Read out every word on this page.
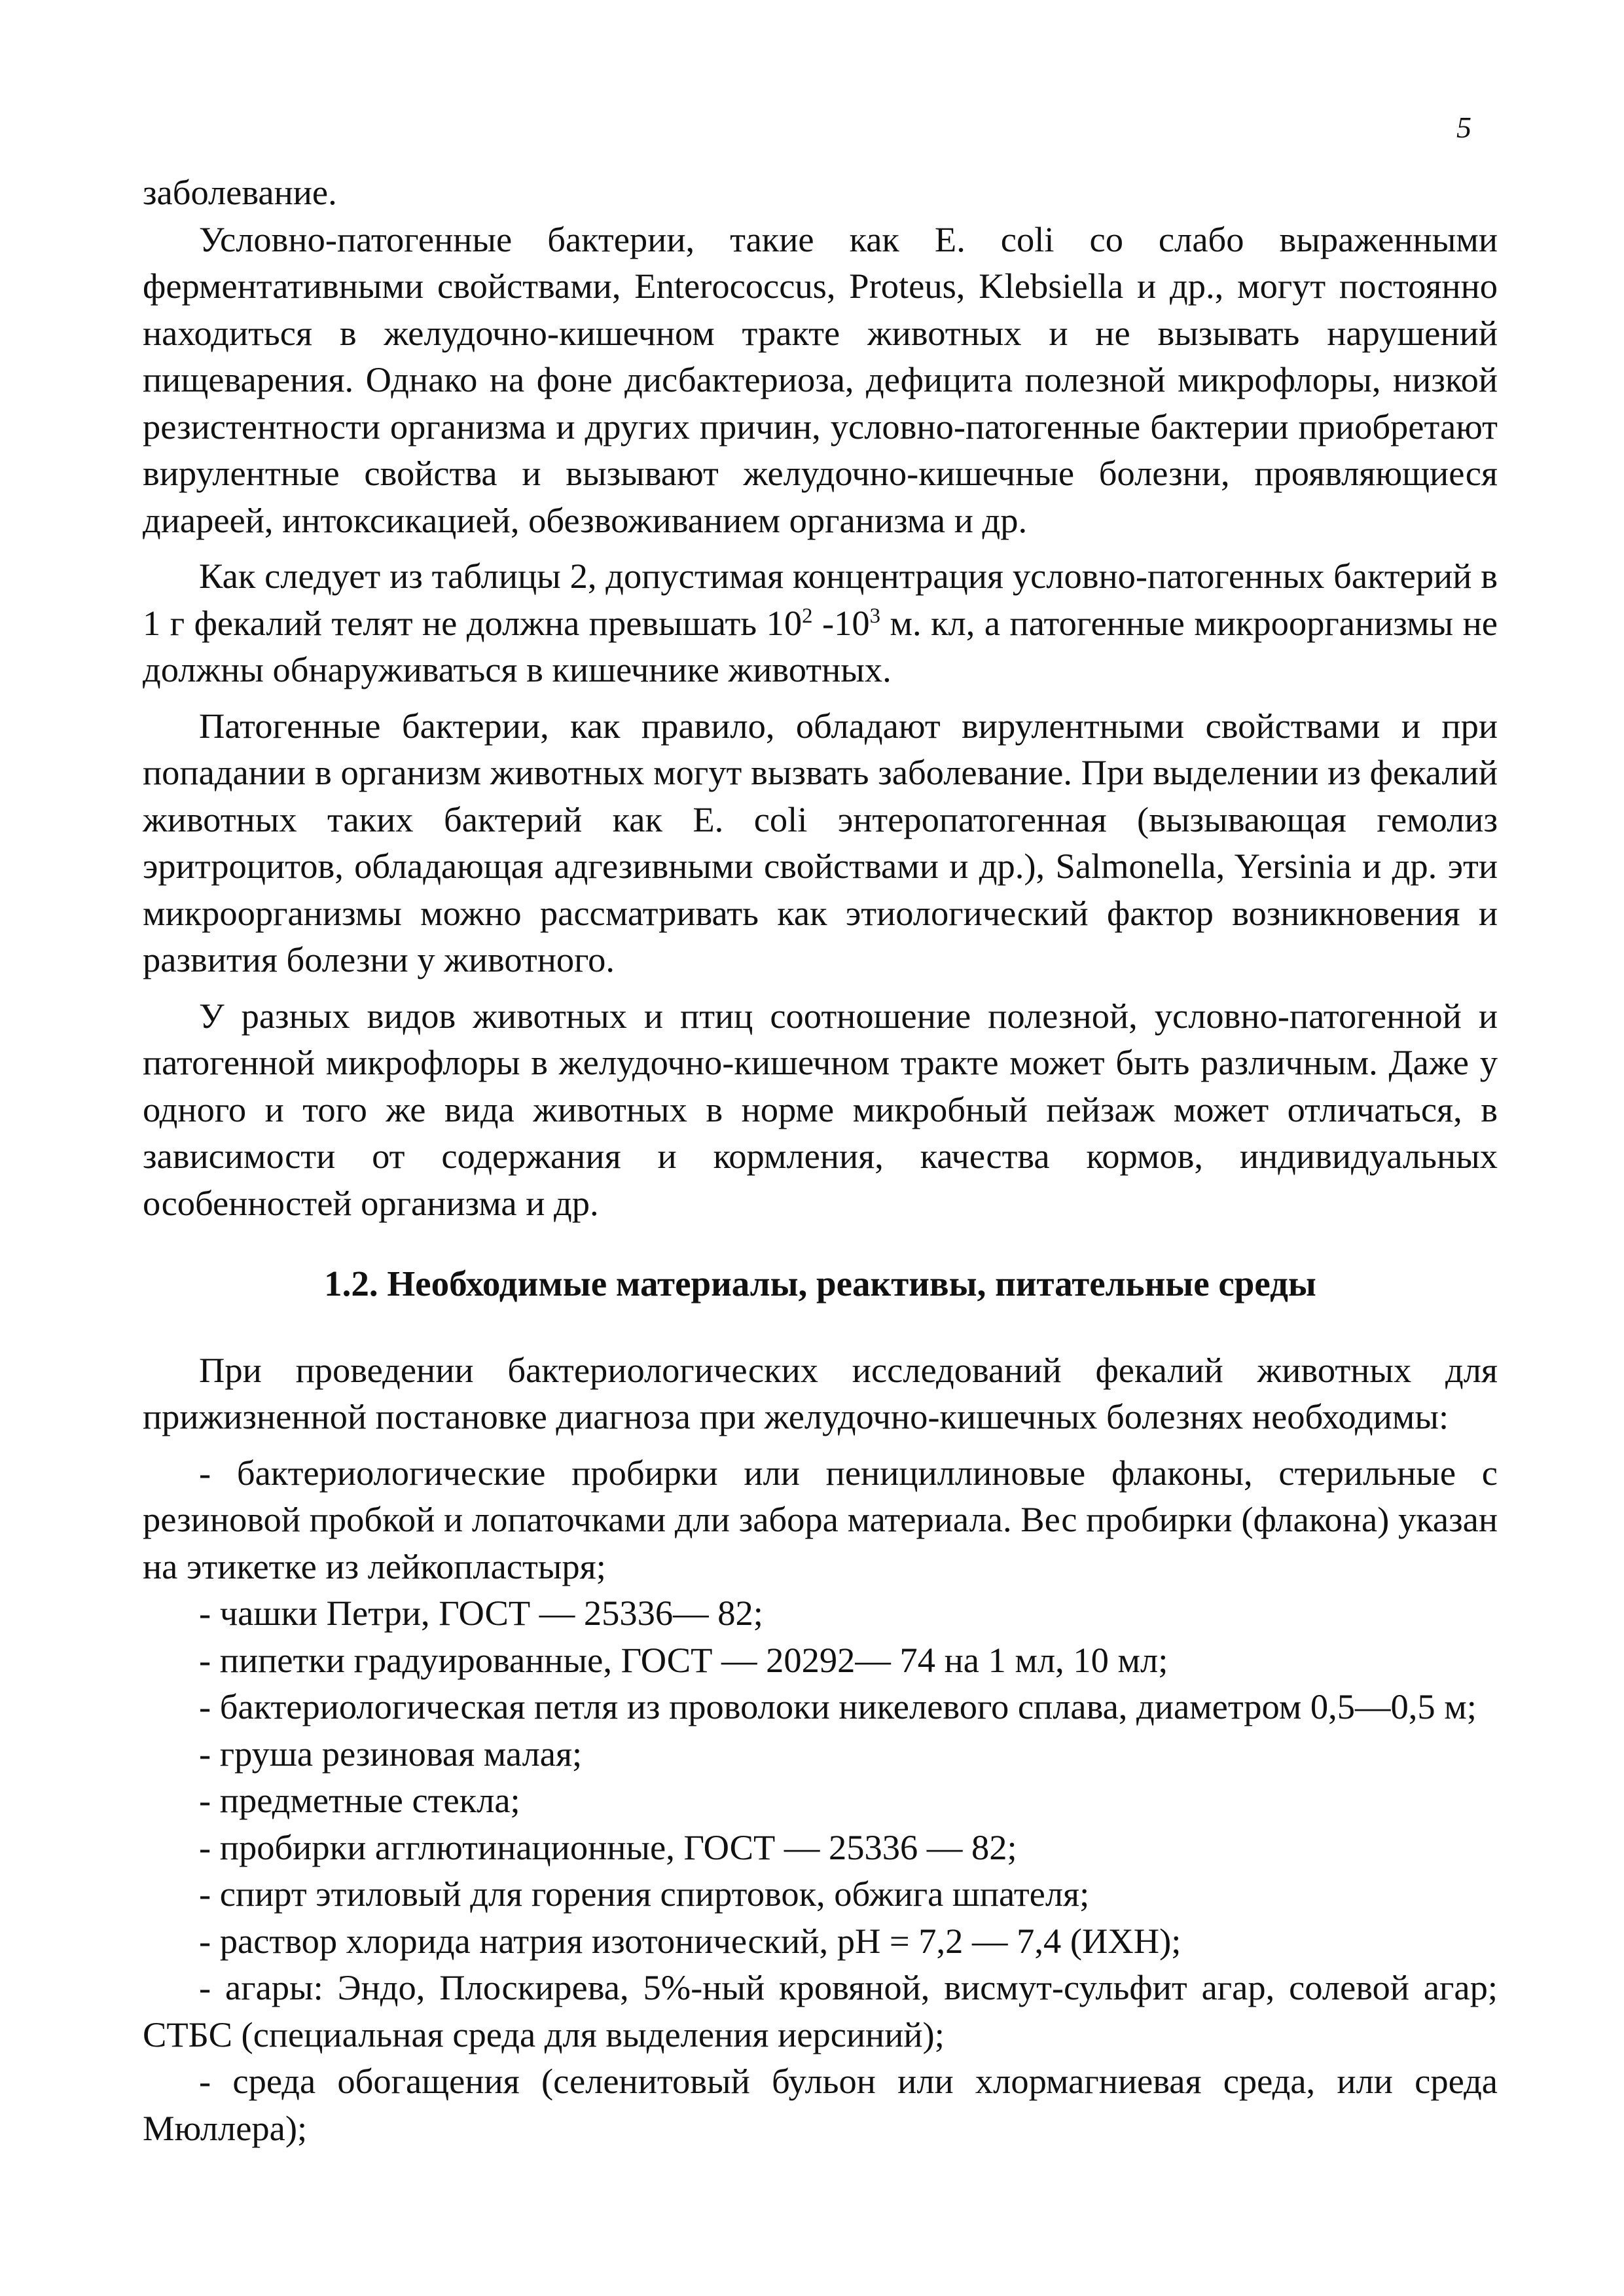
5

заболевание.

Условно-патогенные бактерии, такие как E. coli со слабо выраженными ферментативными свойствами, Enterococcus, Proteus, Klebsiella и др., могут постоянно находиться в желудочно-кишечном тракте животных и не вызывать нарушений пищеварения. Однако на фоне дисбактериоза, дефицита полезной микрофлоры, низкой резистентности организма и других причин, условно-патогенные бактерии приобретают вирулентные свойства и вызывают желудочно-кишечные болезни, проявляющиеся диареей, интоксикацией, обезвоживанием организма и др.

Как следует из таблицы 2, допустимая концентрация условно-патогенных бактерий в 1 г фекалий телят не должна превышать $10^2$ $-10^3$ м. кл, а патогенные микроорганизмы не должны обнаруживаться в кишечнике животных.

Патогенные бактерии, как правило, обладают вирулентными свойствами и при попадании в организм животных могут вызвать заболевание. При выделении из фекалий животных таких бактерий как E. coli энтеропатогенная (вызывающая гемолиз эритроцитов, обладающая адгезивными свойствами и др.), Salmonella, Yersinia и др. эти микроорганизмы можно рассматривать как этиологический фактор возникновения и развития болезни у животного.

У разных видов животных и птиц соотношение полезной, условно-патогенной и патогенной микрофлоры в желудочно-кишечном тракте может быть различным. Даже у одного и того же вида животных в норме микробный пейзаж может отличаться, в зависимости от содержания и кормления, качества кормов, индивидуальных особенностей организма и др.

1.2. Необходимые материалы, реактивы, питательные среды

При проведении бактериологических исследований фекалий животных для прижизненной постановке диагноза при желудочно-кишечных болезнях необходимы:

- бактериологические пробирки или пенициллиновые флаконы, стерильные с резиновой пробкой и лопаточками дли забора материала. Вес пробирки (флакона) указан на этикетке из лейкопластыря;

- чашки Петри, ГОСТ — 25336— 82;

- пипетки градуированные, ГОСТ — 20292— 74 на 1 мл, 10 мл;

- бактериологическая петля из проволоки никелевого сплава, диаметром 0,5—0,5 м;

- груша резиновая малая;

- предметные стекла;

- пробирки агглютинационные, ГОСТ — 25336 — 82;

- спирт этиловый для горения спиртовок, обжига шпателя;

- раствор хлорида натрия изотонический, pH = 7,2 — 7,4 (ИХН);

- агары: Эндо, Плоскирева, 5%-ный кровяной, висмут-сульфит агар, солевой агар; СТБС (специальная среда для выделения иерсиний);

- среда обогащения (селенитовый бульон или хлормагниевая среда, или среда Мюллера);
